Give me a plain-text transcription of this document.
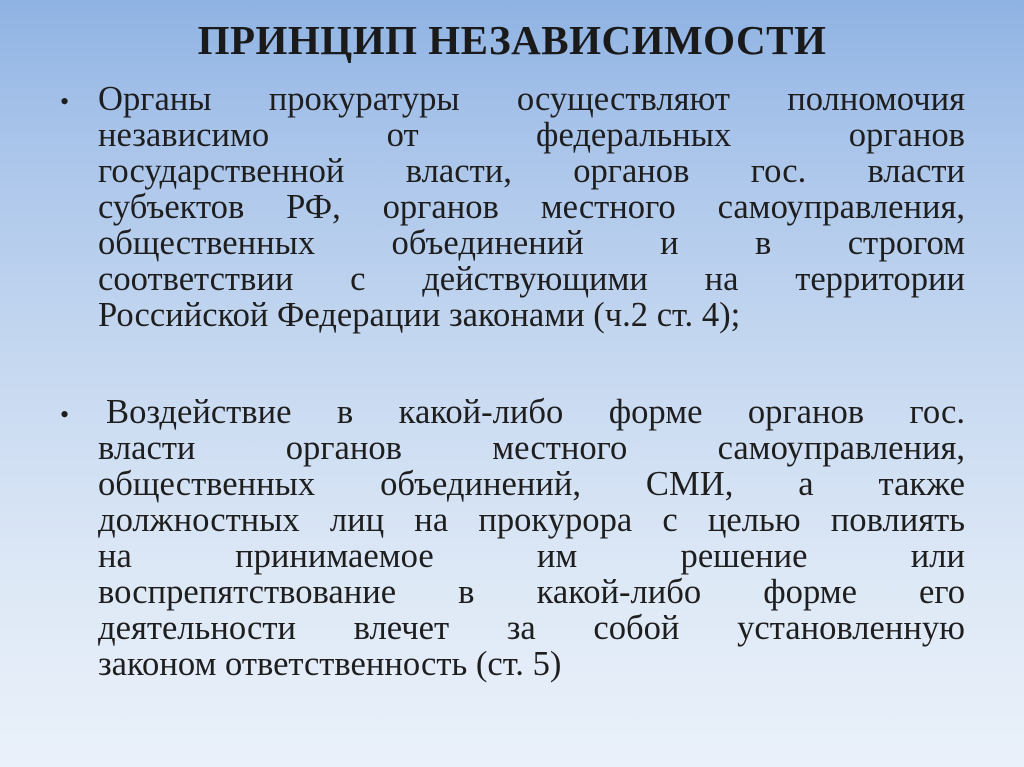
ПРИНЦИП НЕЗАВИСИМОСТИ
• Органы прокуратуры осуществляют полномочия
независимо от федеральных органов
государственной власти, органов гос. власти
субъектов РФ, органов местного самоуправления,
общественных объединений и в строгом
соответствии с действующими на территории
Российской Федерации законами (ч.2 ст. 4);
• Воздействие в какой-либо форме органов гос.
власти органов местного самоуправления,
общественных объединений, СМИ, а также
должностных лиц на прокурора с целью повлиять
на принимаемое им решение или
воспрепятствование в какой-либо форме его
деятельности влечет за собой установленную
законом ответственность (ст. 5)
